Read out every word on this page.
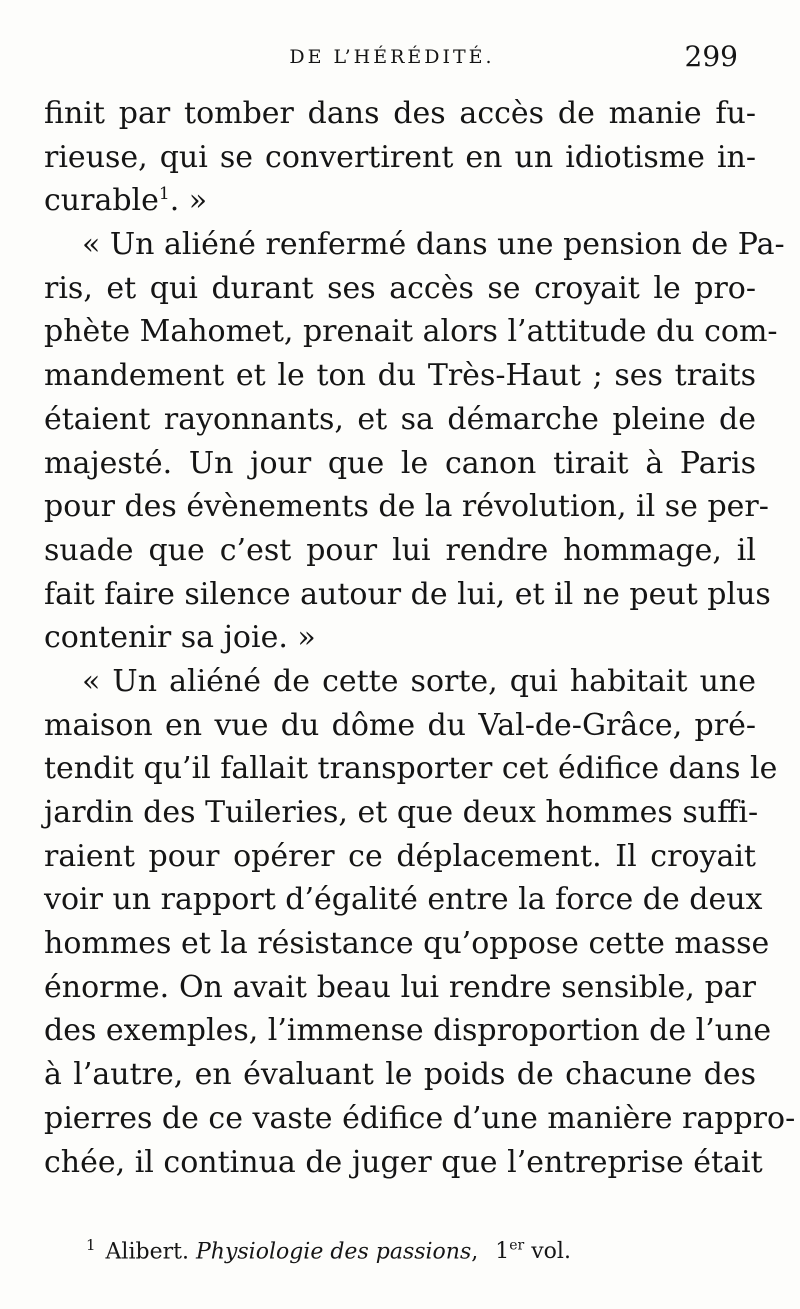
DE L’HÉRÉDITÉ.	299
finit par tomber dans des accès de manie fu-
rieuse, qui se convertirent en un idiotisme in-
curable$^1$. »
« Un aliéné renfermé dans une pension de Pa-
ris, et qui durant ses accès se croyait le pro-
phète Mahomet, prenait alors l’attitude du com-
mandement et le ton du Très-Haut ; ses traits
étaient rayonnants, et sa démarche pleine de
majesté. Un jour que le canon tirait à Paris
pour des évènements de la révolution, il se per-
suade que c’est pour lui rendre hommage, il
fait faire silence autour de lui, et il ne peut plus
contenir sa joie. »
« Un aliéné de cette sorte, qui habitait une
maison en vue du dôme du Val-de-Grâce, pré-
tendit qu’il fallait transporter cet édifice dans le
jardin des Tuileries, et que deux hommes suffi-
raient pour opérer ce déplacement. Il croyait
voir un rapport d’égalité entre la force de deux
hommes et la résistance qu’oppose cette masse
énorme. On avait beau lui rendre sensible, par
des exemples, l’immense disproportion de l’une
à l’autre, en évaluant le poids de chacune des
pierres de ce vaste édifice d’une manière rappro-
chée, il continua de juger que l’entreprise était
$^1$ Alibert. Physiologie des passions, 1er vol.
